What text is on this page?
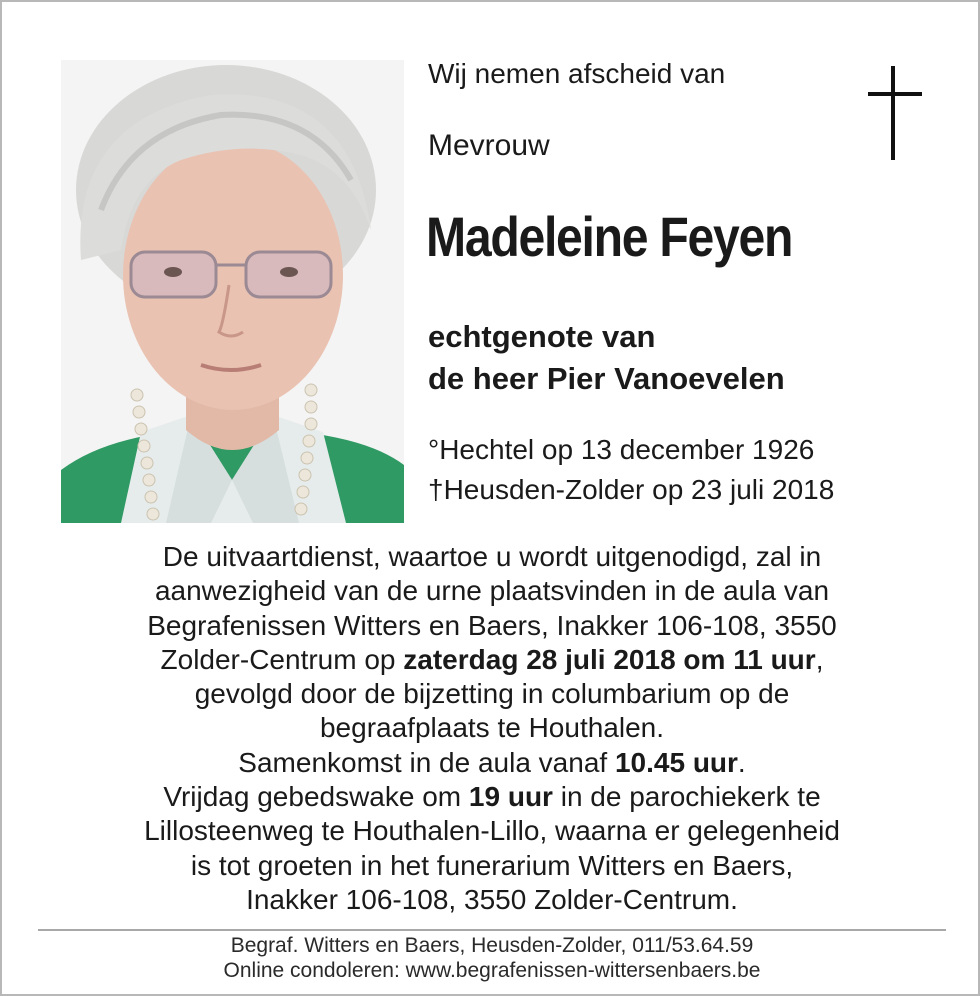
Wij nemen afscheid van
Mevrouw
Madeleine Feyen
echtgenote van
de heer Pier Vanoevelen
°Hechtel op 13 december 1926
†Heusden-Zolder op 23 juli 2018

De uitvaartdienst, waartoe u wordt uitgenodigd, zal in

aanwezigheid van de urne plaatsvinden in de aula van

Begrafenissen Witters en Baers, Inakker 106-108, 3550

Zolder-Centrum op zaterdag 28 juli 2018 om 11 uur,

gevolgd door de bijzetting in columbarium op de

begraafplaats te Houthalen.

Samenkomst in de aula vanaf 10.45 uur.

Vrijdag gebedswake om 19 uur in de parochiekerk te

Lillosteenweg te Houthalen-Lillo, waarna er gelegenheid

is tot groeten in het funerarium Witters en Baers,

Inakker 106-108, 3550 Zolder-Centrum.

Begraf. Witters en Baers, Heusden-Zolder, 011/53.64.59

Online condoleren: www.begrafenissen-wittersenbaers.be
